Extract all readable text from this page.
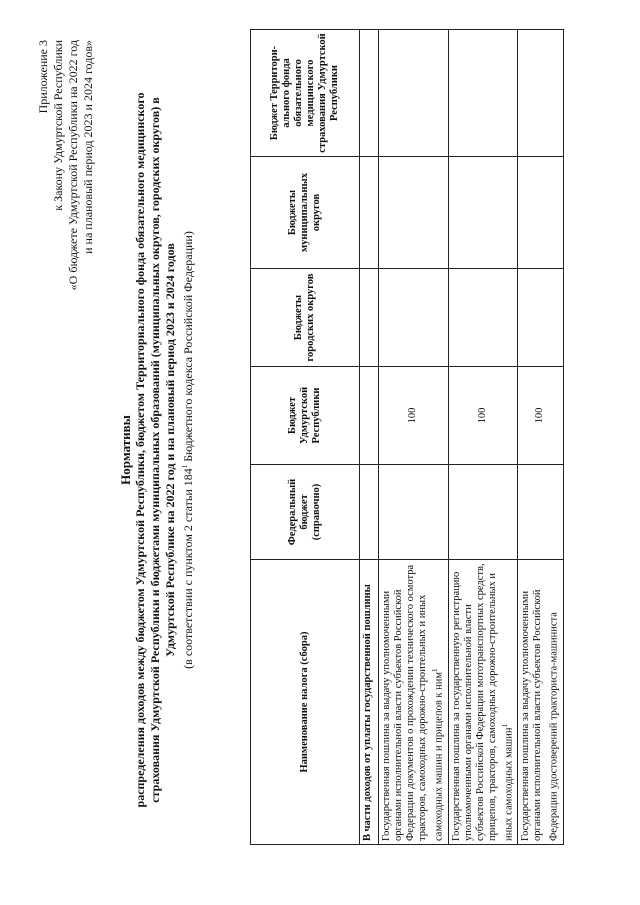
Приложение 3 к Закону Удмуртской Республики «О бюджете Удмуртской Республики на 2022 год и на плановый период 2023 и 2024 годов»
Нормативы распределения доходов между бюджетом Удмуртской Республики, бюджетом Территориального фонда обязательного медицинского страхования Удмуртской Республики и бюджетами муниципальных образований (муниципальных округов, городских округов) в Удмуртской Республике на 2022 год и на плановый период 2023 и 2024 годов (в соответствии с пунктом 2 статьи $184^1$ Бюджетного кодекса Российской Федерации)
Наименование налога (сбора)	Федеральный бюджет (справочно)	Бюджет Удмуртской Республики	Бюджеты городских округов	Бюджеты муниципальных округов	Бюджет Территори-ального фонда обязательного медицинского страхования Удмуртской Республики
В части доходов от уплаты государственной пошлины					
Государственная пошлина за выдачу уполномоченными органами исполнительной власти субъектов Российской Федерации документов о прохождении технического осмотра тракторов, самоходных дорожно-строительных и иных самоходных машин и прицепов к ним$^1$		100			
Государственная пошлина за государственную регистрацию уполномоченными органами исполнительной власти субъектов Российской Федерации мототранспортных средств, прицепов, тракторов, самоходных дорожно-строительных и иных самоходных машин$^1$		100			
Государственная пошлина за выдачу уполномоченными органами исполнительной власти субъектов Российской Федерации удостоверений тракториста-машиниста		100			
